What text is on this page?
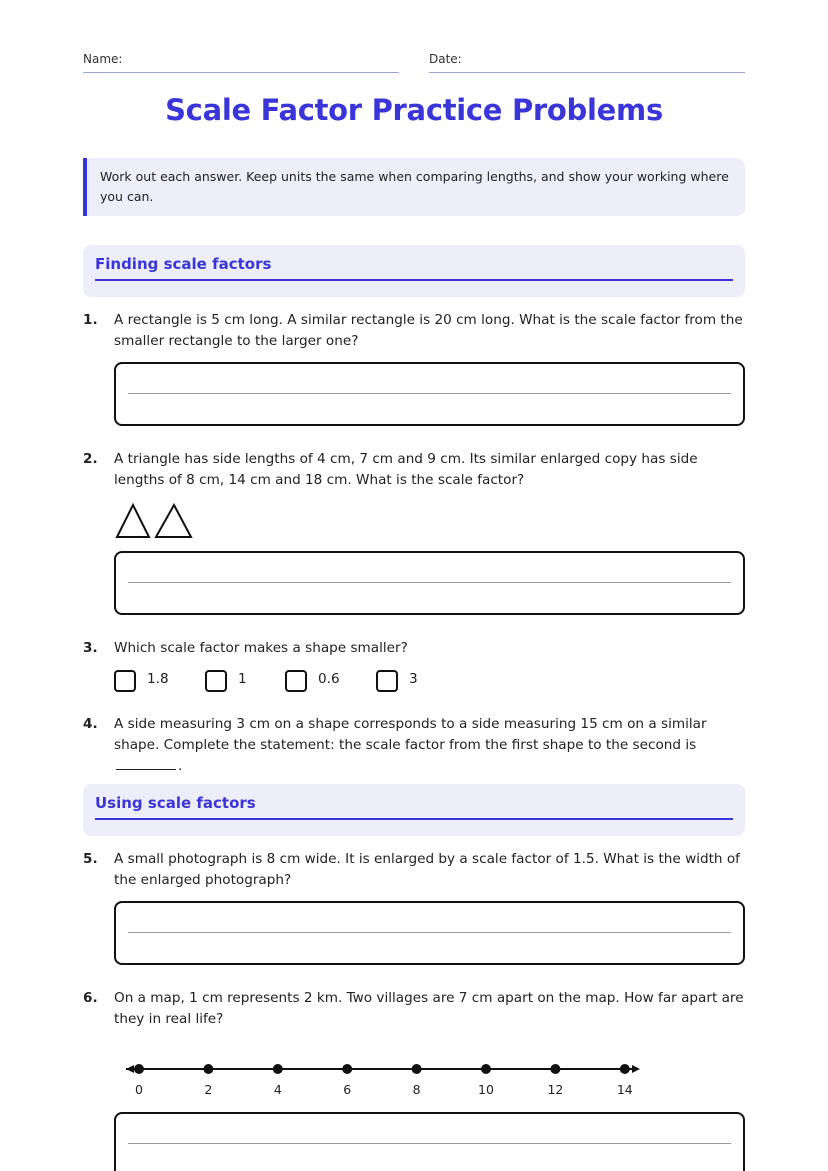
Name:	Date:
Scale Factor Practice Problems
Work out each answer. Keep units the same when comparing lengths, and show your working where you can.
Finding scale factors
1. A rectangle is 5 cm long. A similar rectangle is 20 cm long. What is the scale factor from the smaller rectangle to the larger one?
2. A triangle has side lengths of 4 cm, 7 cm and 9 cm. Its similar enlarged copy has side lengths of 8 cm, 14 cm and 18 cm. What is the scale factor?
3. Which scale factor makes a shape smaller?
1.8	1	0.6	3
4. A side measuring 3 cm on a shape corresponds to a side measuring 15 cm on a similar shape. Complete the statement: the scale factor from the first shape to the second is .
Using scale factors
5. A small photograph is 8 cm wide. It is enlarged by a scale factor of 1.5. What is the width of the enlarged photograph?
6. On a map, 1 cm represents 2 km. Two villages are 7 cm apart on the map. How far apart are they in real life?
0	2	4	6	8	10	12	14
